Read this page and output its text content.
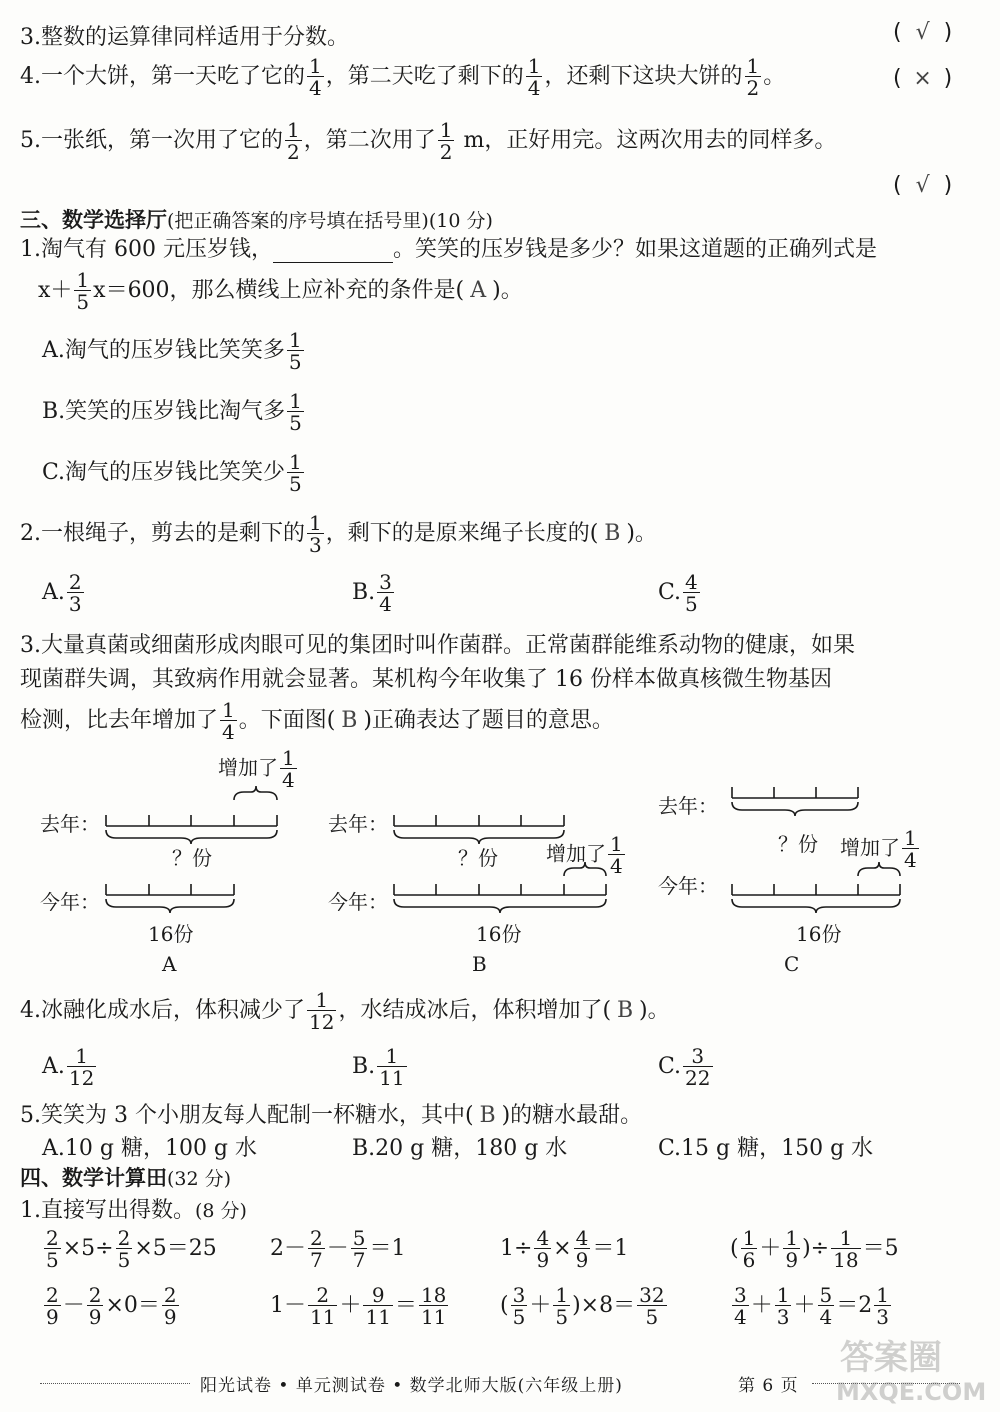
3.整数的运算律同样适用于分数。	( √ )
4.一个大饼，第一天吃了它的 $\frac{1}{4}$ ，第二天吃了剩下的 $\frac{1}{4}$ ，还剩下这块大饼的 $\frac{1}{2}$ 。	( × )
5.一张纸，第一次用了它的 $\frac{1}{2}$ ，第二次用了 $\frac{1}{2}$ m，正好用完。这两次用去的同样多。
( √ )
三、数学选择厅(把正确答案的序号填在括号里)(10 分)
1.淘气有 600 元压岁钱，	。笑笑的压岁钱是多少？如果这道题的正确列式是
$x+ \frac{1}{5} x=600$，那么横线上应补充的条件是( A )。
A.淘气的压岁钱比笑笑多 $\frac{1}{5}$
B.笑笑的压岁钱比淘气多 $\frac{1}{5}$
C.淘气的压岁钱比笑笑少 $\frac{1}{5}$
2.一根绳子，剪去的是剩下的 $\frac{1}{3}$ ，剩下的是原来绳子长度的( B )。
A. $\frac{2}{3}$	B. $\frac{3}{4}$	C. $\frac{4}{5}$
3.大量真菌或细菌形成肉眼可见的集团时叫作菌群。正常菌群能维系动物的健康，如果
现菌群失调，其致病作用就会显著。某机构今年收集了 16 份样本做真核微生物基因
检测，比去年增加了 $\frac{1}{4}$ 。下面图( B )正确表达了题目的意思。
增加了 $\frac{1}{4}$
去年：
？份
今年：
16份
A
去年：
？份 增加了 $\frac{1}{4}$
今年：
16份
B
去年：
？份 增加了 $\frac{1}{4}$
今年：
16份
C
4.冰融化成水后，体积减少了 $\frac{1}{12}$ ，水结成冰后，体积增加了( B )。
A. $\frac{1}{12}$	B. $\frac{1}{11}$	C. $\frac{3}{22}$
5.笑笑为 3 个小朋友每人配制一杯糖水，其中( B )的糖水最甜。
A.10 g 糖，100 g 水	B.20 g 糖，180 g 水	C.15 g 糖，150 g 水
四、数学计算田(32 分)
1.直接写出得数。(8 分)
$\frac{2}{5} \times 5\div \frac{2}{5} \times 5=25$ $2- \frac{2}{7} - \frac{5}{7} =1$	$1\div \frac{4}{9} \times \frac{4}{9} =1$	( $\frac{1}{6} + \frac{1}{9}$ )÷ $\frac{1}{18} =5$
$\frac{2}{9} - \frac{2}{9} \times 0= \frac{2}{9}$	$1- \frac{2}{11} + \frac{9}{11} = \frac{18}{11}$ ( $\frac{3}{5} + \frac{1}{5} )\times 8= \frac{32}{5}$	$\frac{3}{4} + \frac{1}{3} + \frac{5}{4} =2 \frac{1}{3}$
阳光试卷 • 单元测试卷 • 数学北师大版(六年级上册)	第 6 页
答案圈
MXQE.COM
